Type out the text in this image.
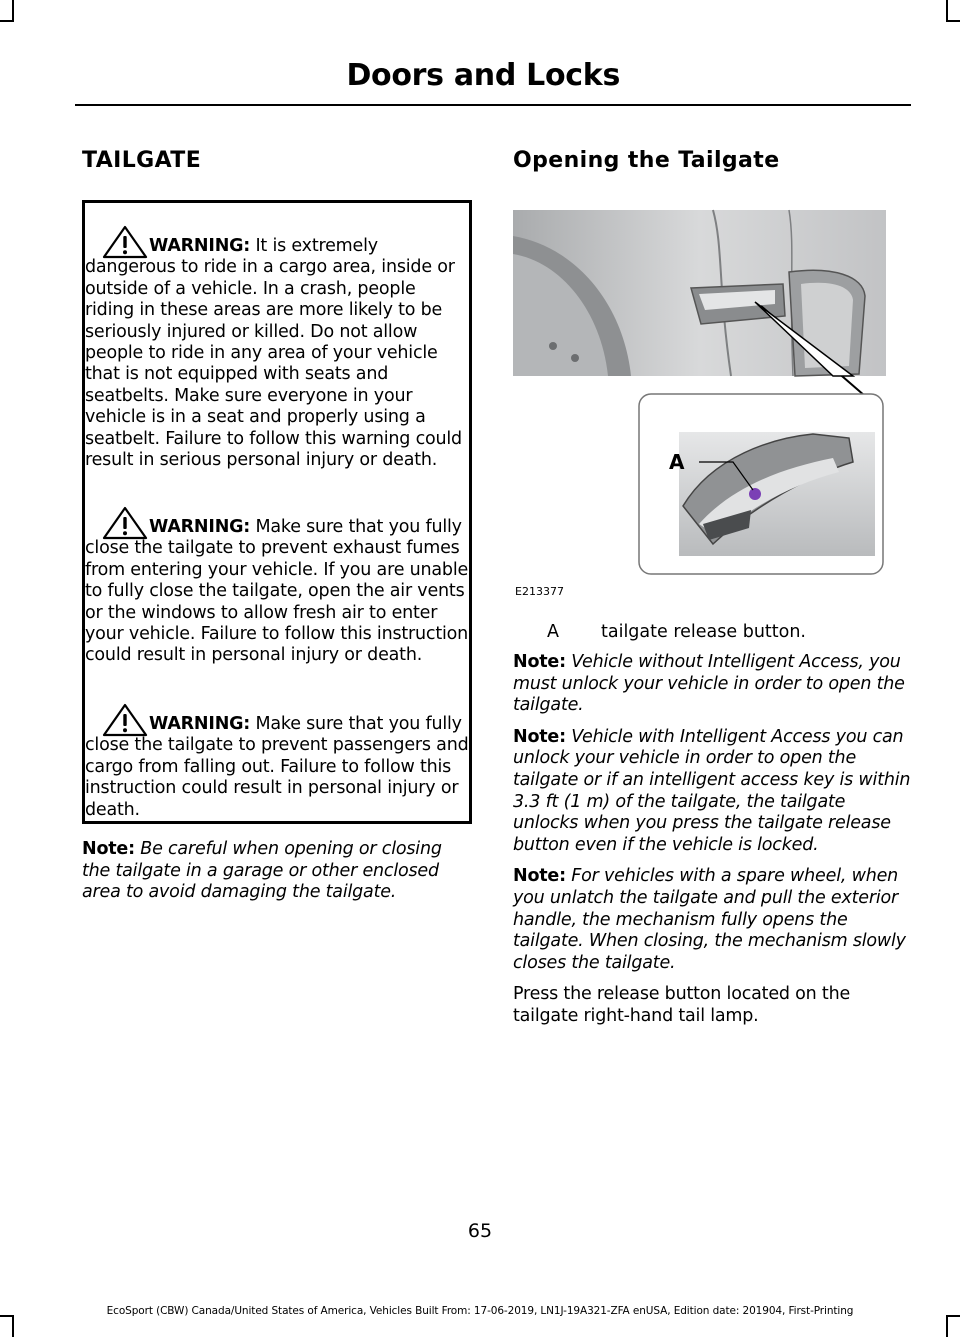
Doors and Locks
TAILGATE
WARNING: It is extremely dangerous to ride in a cargo area, inside or outside of a vehicle. In a crash, people riding in these areas are more likely to be seriously injured or killed. Do not allow people to ride in any area of your vehicle that is not equipped with seats and seatbelts. Make sure everyone in your vehicle is in a seat and properly using a seatbelt. Failure to follow this warning could result in serious personal injury or death.
WARNING: Make sure that you fully close the tailgate to prevent exhaust fumes from entering your vehicle. If you are unable to fully close the tailgate, open the air vents or the windows to allow fresh air to enter your vehicle. Failure to follow this instruction could result in personal injury or death.
WARNING: Make sure that you fully close the tailgate to prevent passengers and cargo from falling out. Failure to follow this instruction could result in personal injury or death.

Note: Be careful when opening or closing the tailgate in a garage or other enclosed area to avoid damaging the tailgate.

Opening the Tailgate
A
E213377
A tailgate release button.

Note: Vehicle without Intelligent Access, you must unlock your vehicle in order to open the tailgate.

Note: Vehicle with Intelligent Access you can unlock your vehicle in order to open the tailgate or if an intelligent access key is within 3.3 ft (1 m) of the tailgate, the tailgate unlocks when you press the tailgate release button even if the vehicle is locked.

Note: For vehicles with a spare wheel, when you unlatch the tailgate and pull the exterior handle, the mechanism fully opens the tailgate. When closing, the mechanism slowly closes the tailgate.

Press the release button located on the tailgate right-hand tail lamp.

65
EcoSport (CBW) Canada/United States of America, Vehicles Built From: 17-06-2019, LN1J-19A321-ZFA enUSA, Edition date: 201904, First-Printing
